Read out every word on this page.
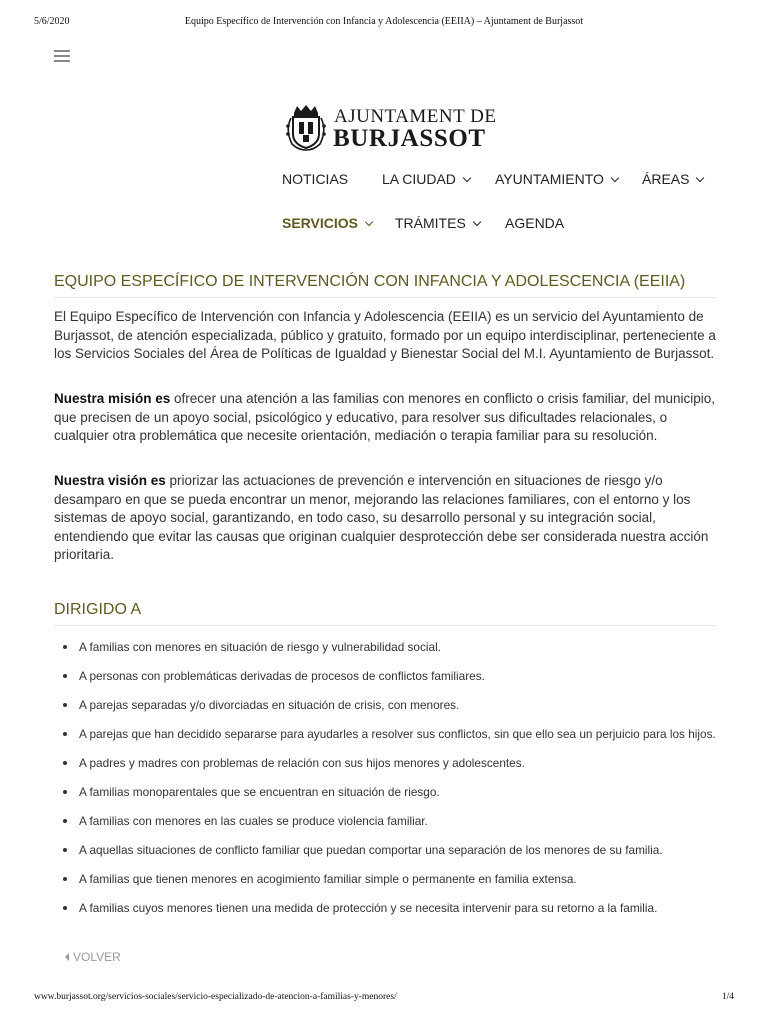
5/6/2020	Equipo Específico de Intervención con Infancia y Adolescencia (EEIIA) – Ajuntament de Burjassot
AJUNTAMENT DE
BURJASSOT
NOTICIAS LA CIUDAD	AYUNTAMIENTO	ÁREAS
SERVICIOS	TRÁMITES	AGENDA
EQUIPO ESPECÍFICO DE INTERVENCIÓN CON INFANCIA Y ADOLESCENCIA (EEIIA)

El Equipo Específico de Intervención con Infancia y Adolescencia (EEIIA) es un servicio del Ayuntamiento de Burjassot, de atención especializada, público y gratuito, formado por un equipo interdisciplinar, perteneciente a los Servicios Sociales del Área de Políticas de Igualdad y Bienestar Social del M.I. Ayuntamiento de Burjassot.

Nuestra misión es ofrecer una atención a las familias con menores en conflicto o crisis familiar, del municipio, que precisen de un apoyo social, psicológico y educativo, para resolver sus dificultades relacionales, o cualquier otra problemática que necesite orientación, mediación o terapia familiar para su resolución.

Nuestra visión es priorizar las actuaciones de prevención e intervención en situaciones de riesgo y/o desamparo en que se pueda encontrar un menor, mejorando las relaciones familiares, con el entorno y los sistemas de apoyo social, garantizando, en todo caso, su desarrollo personal y su integración social, entendiendo que evitar las causas que originan cualquier desprotección debe ser considerada nuestra acción prioritaria.

DIRIGIDO A
A familias con menores en situación de riesgo y vulnerabilidad social.
A personas con problemáticas derivadas de procesos de conflictos familiares.
A parejas separadas y/o divorciadas en situación de crisis, con menores.
A parejas que han decidido separarse para ayudarles a resolver sus conflictos, sin que ello sea un perjuicio para los hijos.
A padres y madres con problemas de relación con sus hijos menores y adolescentes.
A familias monoparentales que se encuentran en situación de riesgo.
A familias con menores en las cuales se produce violencia familiar.
A aquellas situaciones de conflicto familiar que puedan comportar una separación de los menores de su familia.
A familias que tienen menores en acogimiento familiar simple o permanente en familia extensa.
A familias cuyos menores tienen una medida de protección y se necesita intervenir para su retorno a la familia.
VOLVER
www.burjassot.org/servicios-sociales/servicio-especializado-de-atencion-a-familias-y-menores/	1/4
